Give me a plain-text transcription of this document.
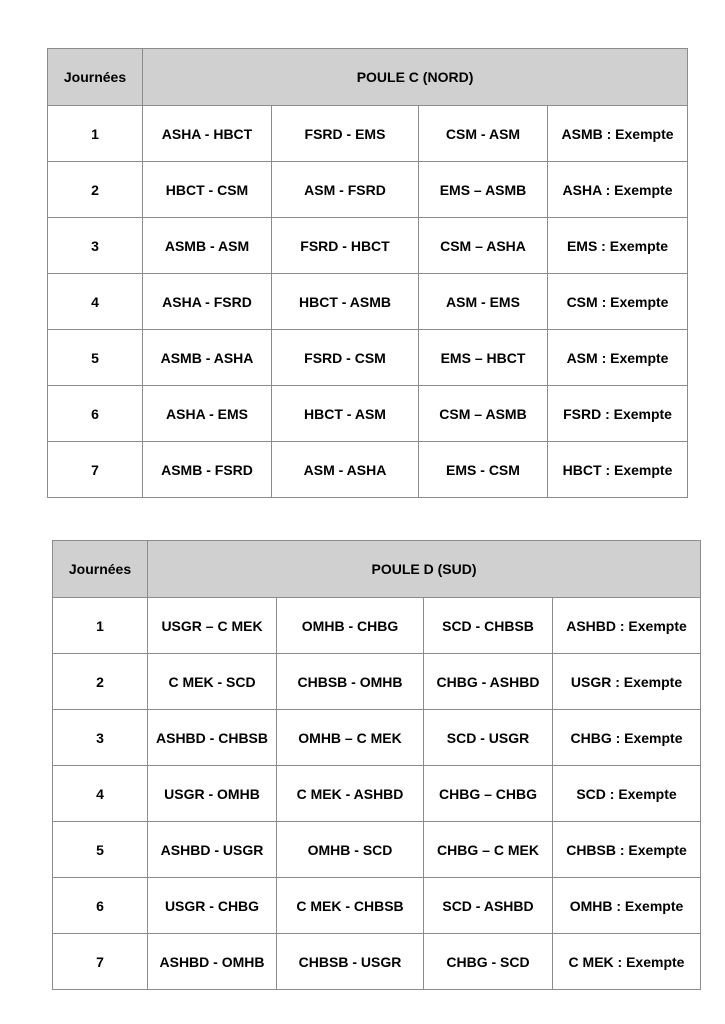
Journées	POULE C (NORD)			
1	ASHA - HBCT	FSRD - EMS	CSM - ASM	ASMB : Exempte
2	HBCT - CSM	ASM - FSRD	EMS – ASMB	ASHA : Exempte
3	ASMB - ASM	FSRD - HBCT	CSM – ASHA	EMS : Exempte
4	ASHA - FSRD	HBCT - ASMB	ASM - EMS	CSM : Exempte
5	ASMB - ASHA	FSRD - CSM	EMS – HBCT	ASM : Exempte
6	ASHA - EMS	HBCT - ASM	CSM – ASMB	FSRD : Exempte
7	ASMB - FSRD	ASM - ASHA	EMS - CSM	HBCT : Exempte
Journées	POULE D (SUD)			
1	USGR – C MEK	OMHB - CHBG	SCD - CHBSB	ASHBD : Exempte
2	C MEK - SCD	CHBSB - OMHB	CHBG - ASHBD	USGR : Exempte
3	ASHBD - CHBSB	OMHB – C MEK	SCD - USGR	CHBG : Exempte
4	USGR - OMHB	C MEK - ASHBD	CHBG – CHBG	SCD : Exempte
5	ASHBD - USGR	OMHB - SCD	CHBG – C MEK	CHBSB : Exempte
6	USGR - CHBG	C MEK - CHBSB	SCD - ASHBD	OMHB : Exempte
7	ASHBD - OMHB	CHBSB - USGR	CHBG - SCD	C MEK : Exempte
